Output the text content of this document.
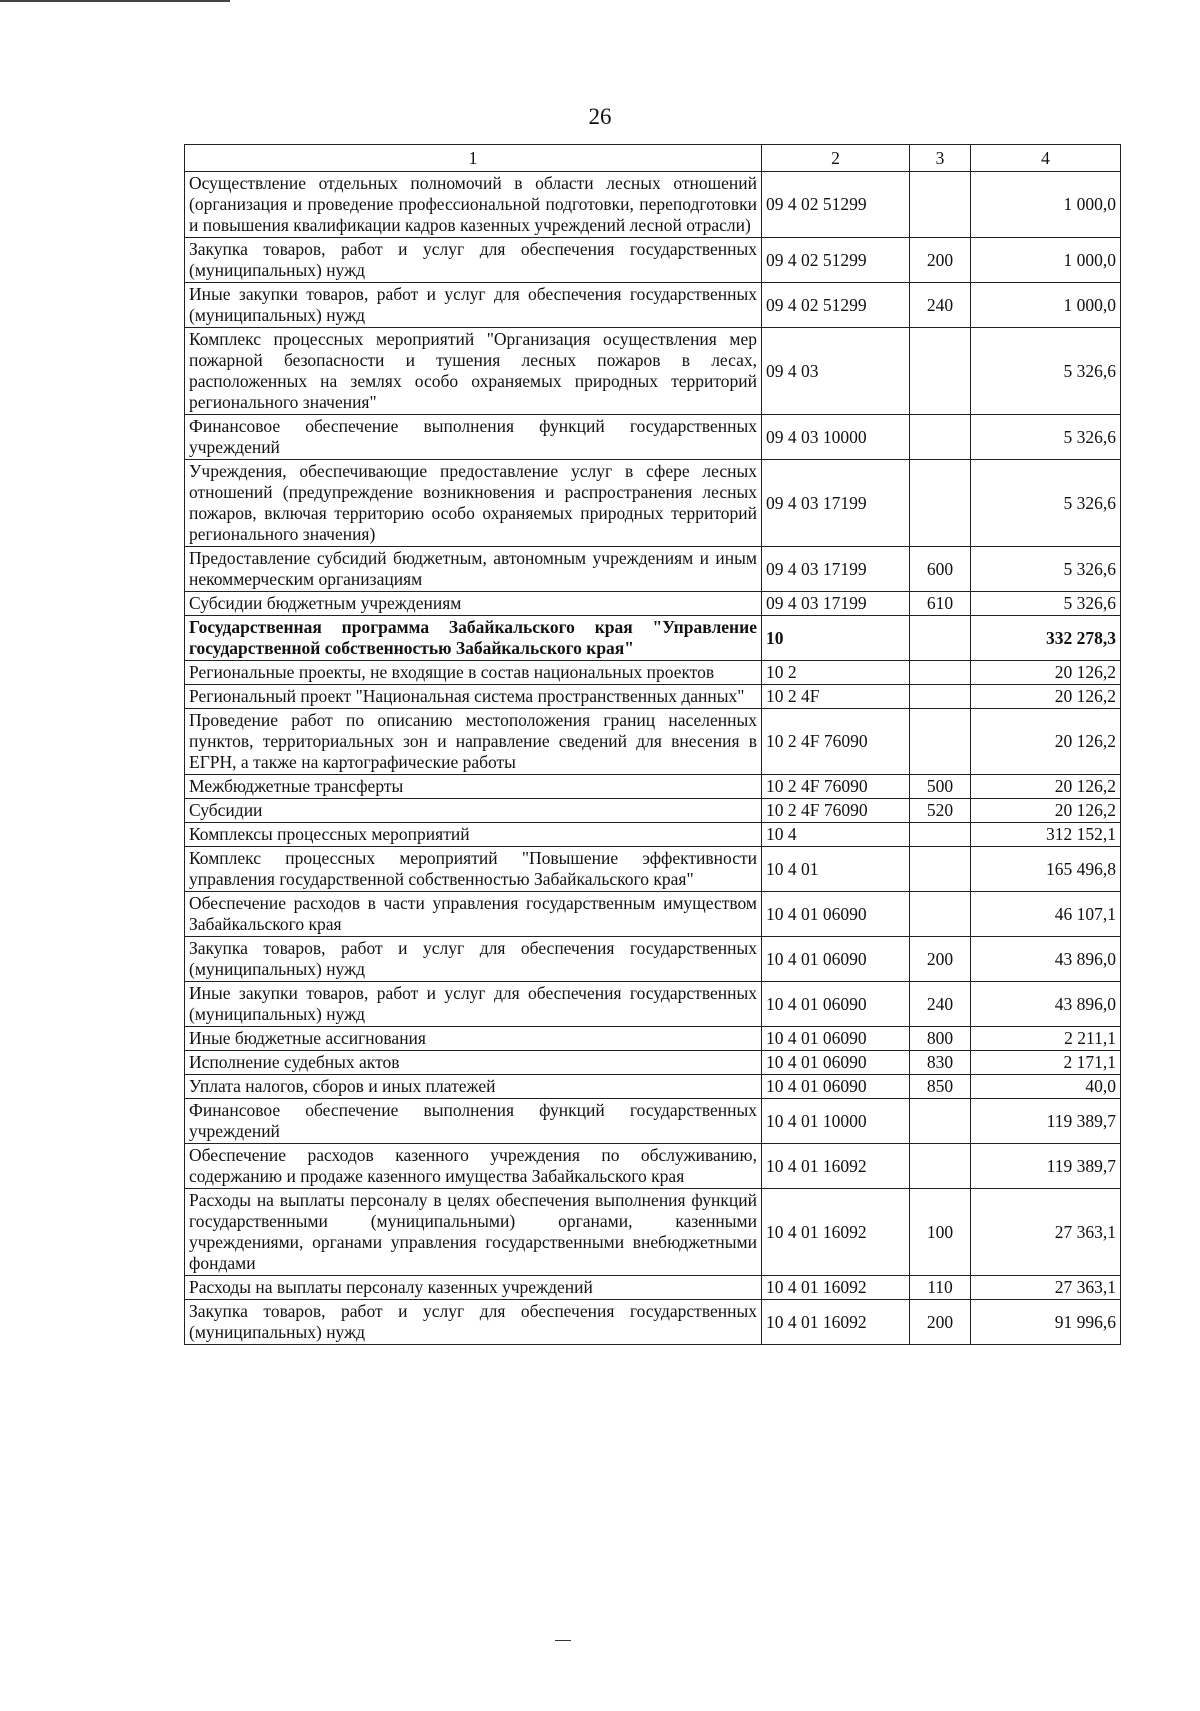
26
1	2	3	4
Осуществление отдельных полномочий в области лесных отношений (организация и проведение профессиональной подготовки, переподготовки и повышения квалификации кадров казенных учреждений лесной отрасли)	09 4 02 51299		1 000,0
Закупка товаров, работ и услуг для обеспечения государственных (муниципальных) нужд	09 4 02 51299	200	1 000,0
Иные закупки товаров, работ и услуг для обеспечения государственных (муниципальных) нужд	09 4 02 51299	240	1 000,0
Комплекс процессных мероприятий "Организация осуществления мер пожарной безопасности и тушения лесных пожаров в лесах, расположенных на землях особо охраняемых природных территорий регионального значения"	09 4 03		5 326,6
Финансовое обеспечение выполнения функций государственных учреждений	09 4 03 10000		5 326,6
Учреждения, обеспечивающие предоставление услуг в сфере лесных отношений (предупреждение возникновения и распространения лесных пожаров, включая территорию особо охраняемых природных территорий регионального значения)	09 4 03 17199		5 326,6
Предоставление субсидий бюджетным, автономным учреждениям и иным некоммерческим организациям	09 4 03 17199	600	5 326,6
Субсидии бюджетным учреждениям	09 4 03 17199	610	5 326,6
Государственная программа Забайкальского края "Управление государственной собственностью Забайкальского края"	10		332 278,3
Региональные проекты, не входящие в состав национальных проектов	10 2		20 126,2
Региональный проект "Национальная система пространственных данных"	10 2 4F		20 126,2
Проведение работ по описанию местоположения границ населенных пунктов, территориальных зон и направление сведений для внесения в ЕГРН, а также на картографические работы	10 2 4F 76090		20 126,2
Межбюджетные трансферты	10 2 4F 76090	500	20 126,2
Субсидии	10 2 4F 76090	520	20 126,2
Комплексы процессных мероприятий	10 4		312 152,1
Комплекс процессных мероприятий "Повышение эффективности управления государственной собственностью Забайкальского края"	10 4 01		165 496,8
Обеспечение расходов в части управления государственным имуществом Забайкальского края	10 4 01 06090		46 107,1
Закупка товаров, работ и услуг для обеспечения государственных (муниципальных) нужд	10 4 01 06090	200	43 896,0
Иные закупки товаров, работ и услуг для обеспечения государственных (муниципальных) нужд	10 4 01 06090	240	43 896,0
Иные бюджетные ассигнования	10 4 01 06090	800	2 211,1
Исполнение судебных актов	10 4 01 06090	830	2 171,1
Уплата налогов, сборов и иных платежей	10 4 01 06090	850	40,0
Финансовое обеспечение выполнения функций государственных учреждений	10 4 01 10000		119 389,7
Обеспечение расходов казенного учреждения по обслуживанию, содержанию и продаже казенного имущества Забайкальского края	10 4 01 16092		119 389,7
Расходы на выплаты персоналу в целях обеспечения выполнения функций государственными (муниципальными) органами, казенными учреждениями, органами управления государственными внебюджетными фондами	10 4 01 16092	100	27 363,1
Расходы на выплаты персоналу казенных учреждений	10 4 01 16092	110	27 363,1
Закупка товаров, работ и услуг для обеспечения государственных (муниципальных) нужд	10 4 01 16092	200	91 996,6
